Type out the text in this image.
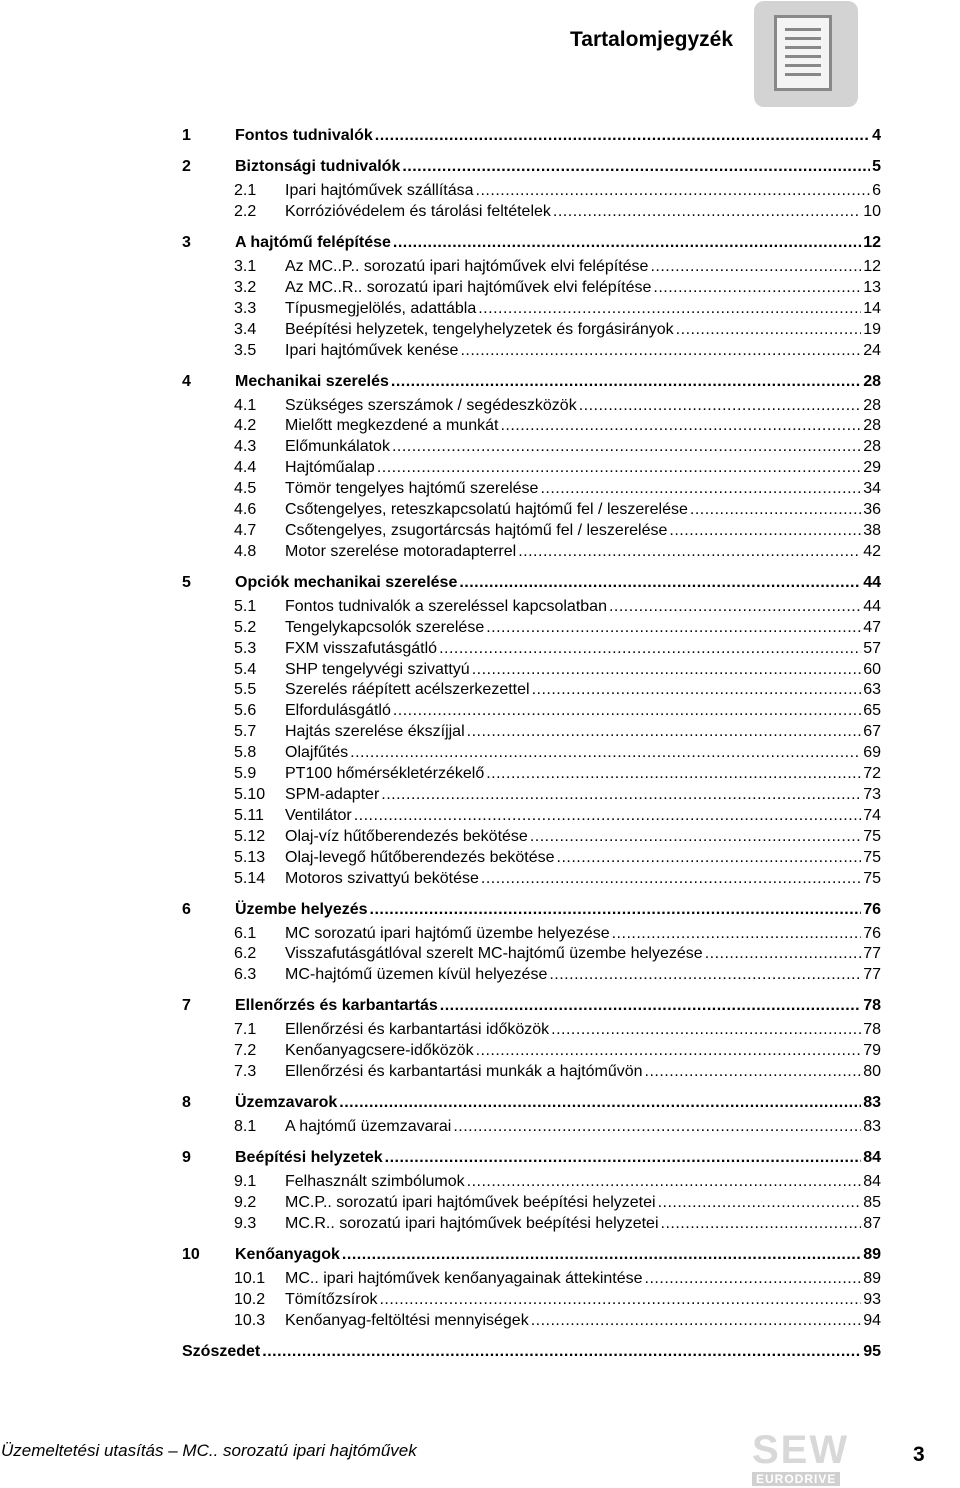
Tartalomjegyzék
1	Fontos tudnivalók .....	4
2	Biztonsági tudnivalók .....	5
2.1	Ipari hajtóművek szállítása .....	6
2.2	Korrózióvédelem és tárolási feltételek .....	10
3	A hajtómű felépítése .....	12
3.1	Az MC..P.. sorozatú ipari hajtóművek elvi felépítése .....	12
3.2	Az MC..R.. sorozatú ipari hajtóművek elvi felépítése .....	13
3.3	Típusmegjelölés, adattábla .....	14
3.4	Beépítési helyzetek, tengelyhelyzetek és forgásirányok .....	19
3.5	Ipari hajtóművek kenése .....	24
4	Mechanikai szerelés .....	28
4.1	Szükséges szerszámok / segédeszközök .....	28
4.2	Mielőtt megkezdené a munkát .....	28
4.3	Előmunkálatok .....	28
4.4	Hajtóműalap .....	29
4.5	Tömör tengelyes hajtómű szerelése .....	34
4.6	Csőtengelyes, reteszkapcsolatú hajtómű fel / leszerelése .....	36
4.7	Csőtengelyes, zsugortárcsás hajtómű fel / leszerelése .....	38
4.8	Motor szerelése motoradapterrel .....	42
5	Opciók mechanikai szerelése .....	44
5.1	Fontos tudnivalók a szereléssel kapcsolatban .....	44
5.2	Tengelykapcsolók szerelése .....	47
5.3	FXM visszafutásgátló .....	57
5.4	SHP tengelyvégi szivattyú .....	60
5.5	Szerelés ráépített acélszerkezettel .....	63
5.6	Elfordulásgátló .....	65
5.7	Hajtás szerelése ékszíjjal .....	67
5.8	Olajfűtés .....	69
5.9	PT100 hőmérsékletérzékelő .....	72
5.10	SPM-adapter .....	73
5.11	Ventilátor .....	74
5.12	Olaj-víz hűtőberendezés bekötése .....	75
5.13	Olaj-levegő hűtőberendezés bekötése .....	75
5.14	Motoros szivattyú bekötése .....	75
6	Üzembe helyezés .....	76
6.1	MC sorozatú ipari hajtómű üzembe helyezése .....	76
6.2	Visszafutásgátlóval szerelt MC-hajtómű üzembe helyezése .....	77
6.3	MC-hajtómű üzemen kívül helyezése .....	77
7	Ellenőrzés és karbantartás .....	78
7.1	Ellenőrzési és karbantartási időközök .....	78
7.2	Kenőanyagcsere-időközök .....	79
7.3	Ellenőrzési és karbantartási munkák a hajtóművön .....	80
8	Üzemzavarok .....	83
8.1	A hajtómű üzemzavarai .....	83
9	Beépítési helyzetek .....	84
9.1	Felhasznált szimbólumok .....	84
9.2	MC.P.. sorozatú ipari hajtóművek beépítési helyzetei .....	85
9.3	MC.R.. sorozatú ipari hajtóművek beépítési helyzetei .....	87
10	Kenőanyagok .....	89
10.1	MC.. ipari hajtóművek kenőanyagainak áttekintése .....	89
10.2	Tömítőzsírok .....	93
10.3	Kenőanyag-feltöltési mennyiségek .....	94
Szószedet .....	95
Üzemeltetési utasítás – MC.. sorozatú ipari hajtóművek	SEW
EURODRIVE
3
